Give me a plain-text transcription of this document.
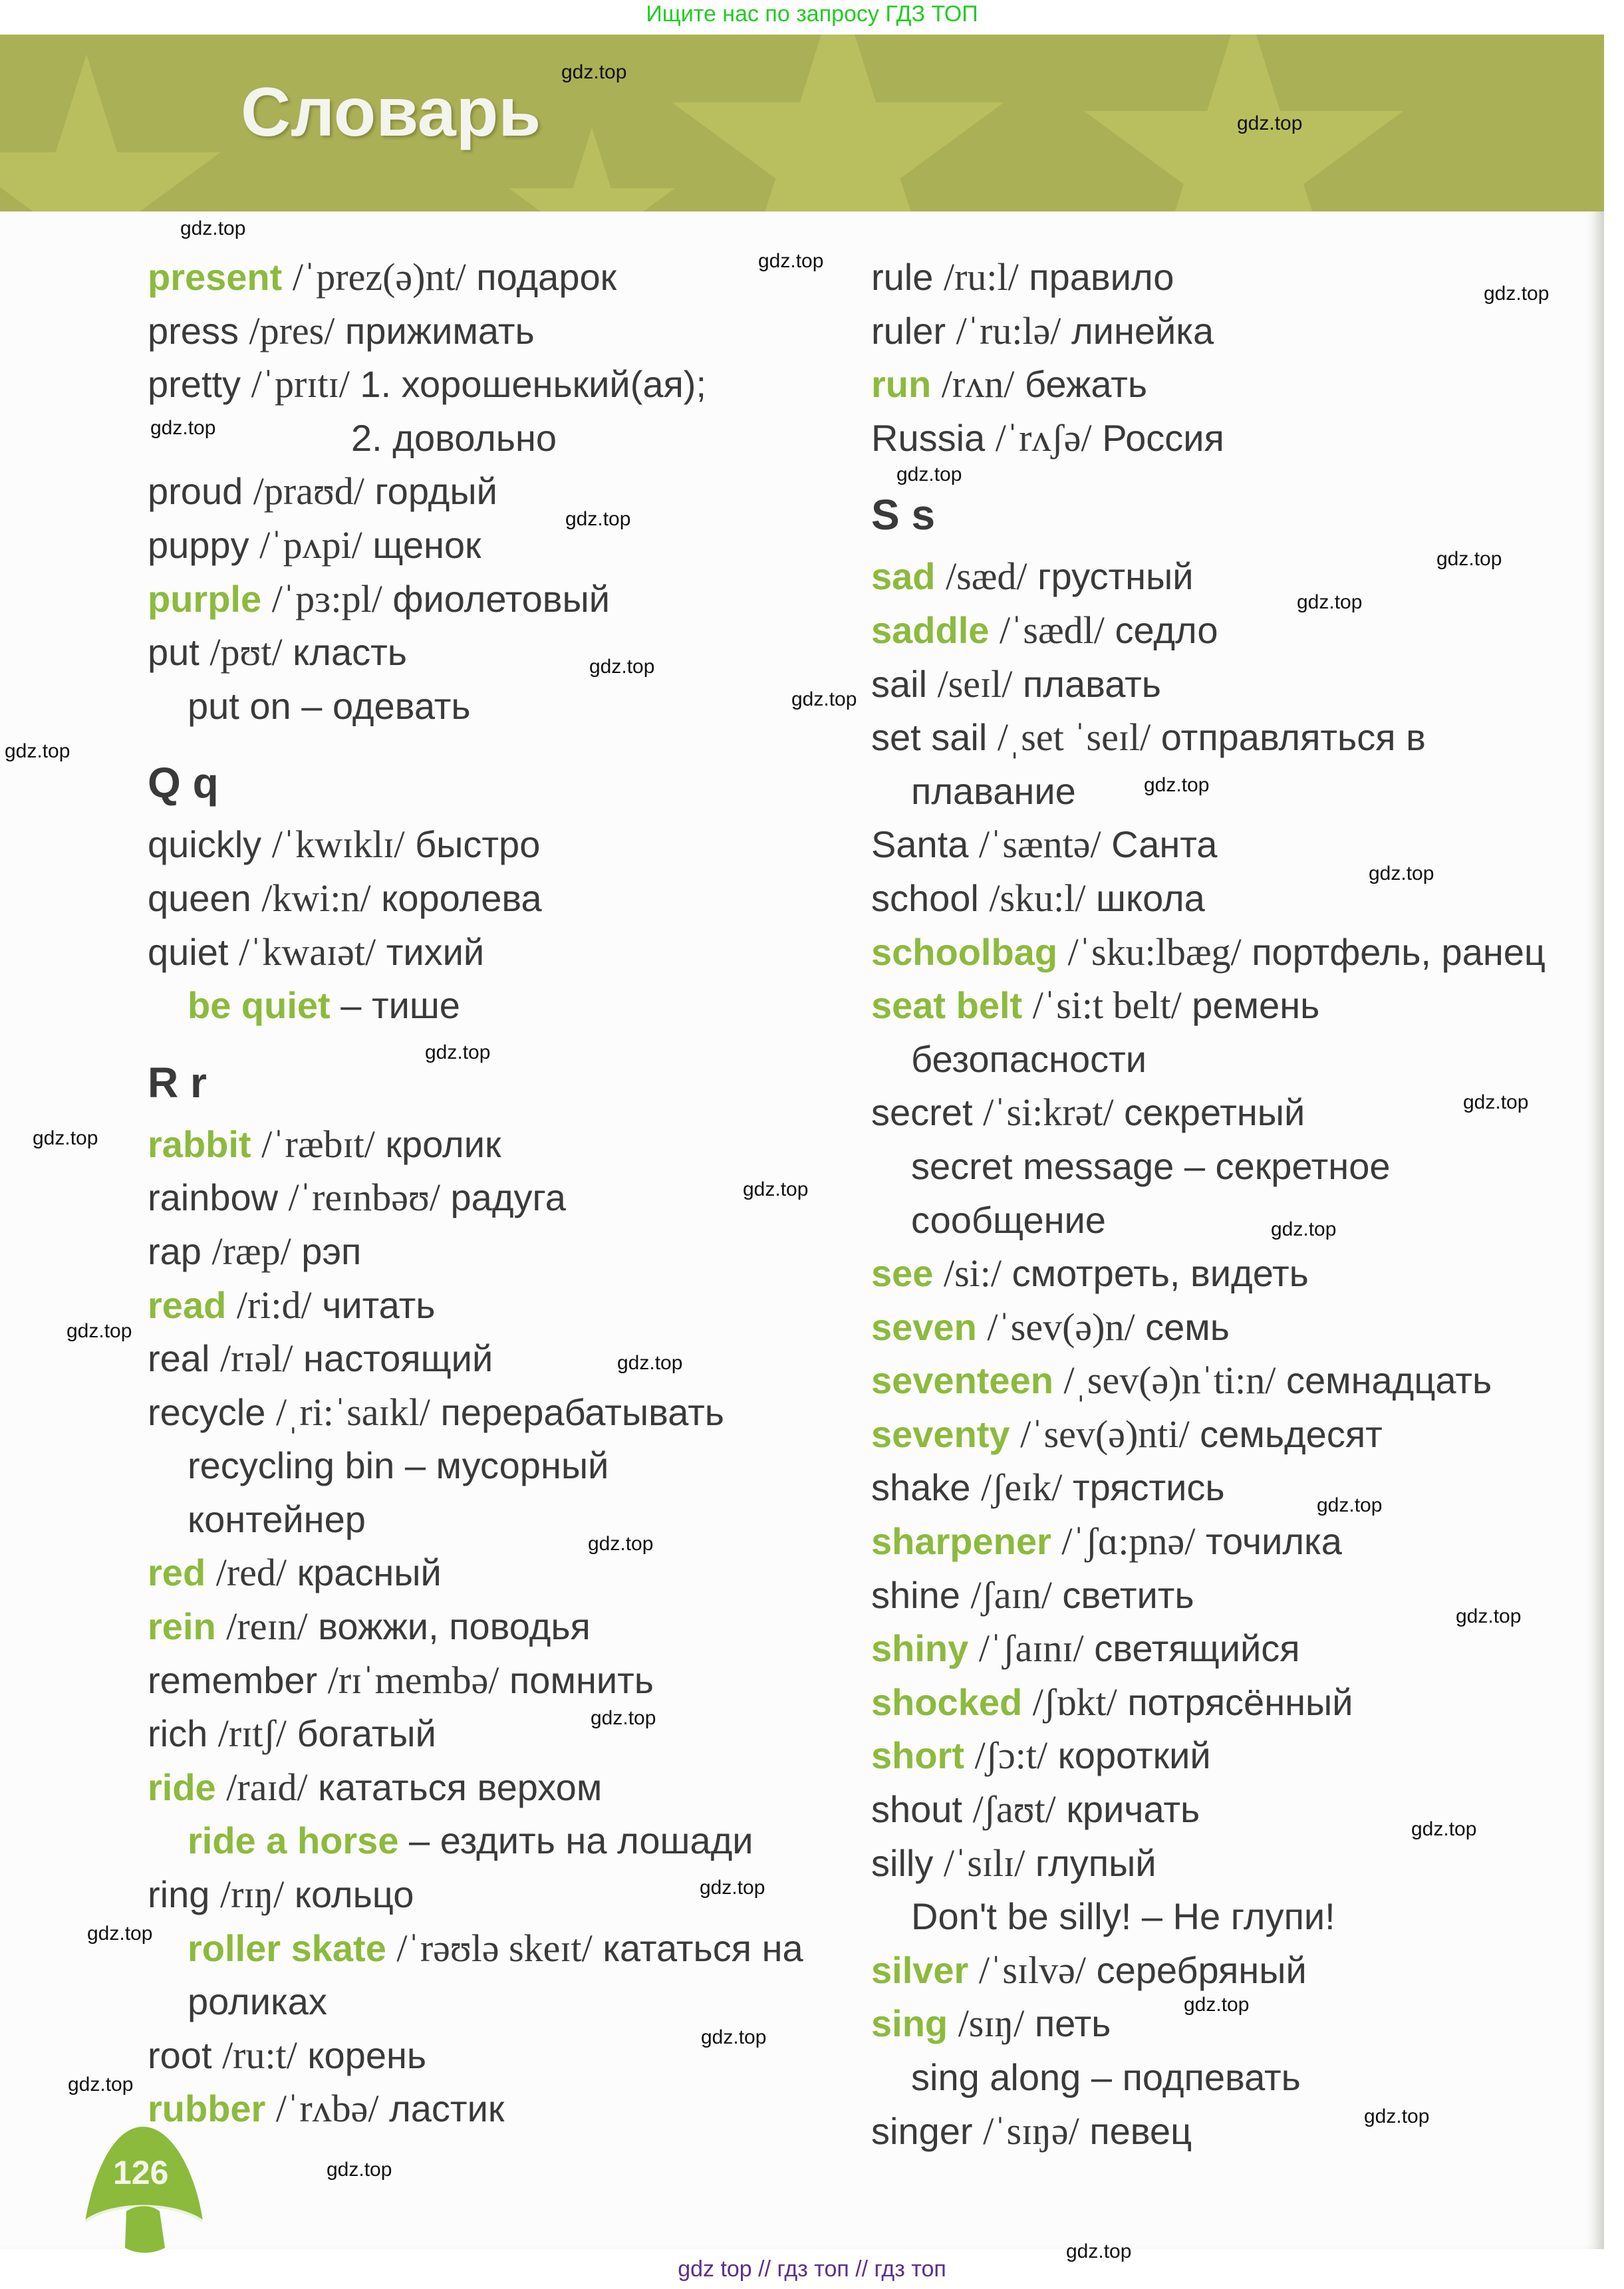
Ищите нас по запросу ГДЗ ТОП
Словарь
present /ˈprez(ə)nt/ подарок
press /pres/ прижимать
pretty /ˈprɪtɪ/ 1. хорошенький(ая);
2. довольно
proud /praʊd/ гордый
puppy /ˈpʌpi/ щенок
purple /ˈpɜ:pl/ фиолетовый
put /pʊt/ класть
put on – одевать
Q q
quickly /ˈkwɪklɪ/ быстро
queen /kwi:n/ королева
quiet /ˈkwaɪət/ тихий
be quiet – тише
R r
rabbit /ˈræbɪt/ кролик
rainbow /ˈreɪnbəʊ/ радуга
rap /ræp/ рэп
read /ri:d/ читать
real /rɪəl/ настоящий
recycle /ˌri:ˈsaɪkl/ перерабатывать
recycling bin – мусорный
контейнер
red /red/ красный
rein /reɪn/ вожжи, поводья
remember /rɪˈmembə/ помнить
rich /rɪtʃ/ богатый
ride /raɪd/ кататься верхом
ride a horse – ездить на лошади
ring /rɪŋ/ кольцо
roller skate /ˈrəʊlə skeɪt/ кататься на
роликах
root /ru:t/ корень
rubber /ˈrʌbə/ ластик
rule /ru:l/ правило
ruler /ˈru:lə/ линейка
run /rʌn/ бежать
Russia /ˈrʌʃə/ Россия
S s
sad /sæd/ грустный
saddle /ˈsædl/ седло
sail /seɪl/ плавать
set sail /ˌset ˈseɪl/ отправляться в
плавание
Santa /ˈsæntə/ Санта
school /sku:l/ школа
schoolbag /ˈsku:lbæg/ портфель, ранец
seat belt /ˈsi:t belt/ ремень
безопасности
secret /ˈsi:krət/ секретный
secret message – секретное
сообщение
see /si:/ смотреть, видеть
seven /ˈsev(ə)n/ семь
seventeen /ˌsev(ə)nˈti:n/ семнадцать
seventy /ˈsev(ə)nti/ семьдесят
shake /ʃeɪk/ трястись
sharpener /ˈʃɑ:pnə/ точилка
shine /ʃaɪn/ светить
shiny /ˈʃaɪnɪ/ светящийся
shocked /ʃɒkt/ потрясённый
short /ʃɔ:t/ короткий
shout /ʃaʊt/ кричать
silly /ˈsɪlɪ/ глупый
Don't be silly! – Не глупи!
silver /ˈsɪlvə/ серебряный
sing /sɪŋ/ петь
sing along – подпевать
singer /ˈsɪŋə/ певец
126
gdz.top
gdz.top
gdz.top
gdz.top
gdz.top
gdz.top
gdz.top
gdz.top
gdz.top
gdz.top
gdz.top
gdz.top
gdz.top
gdz.top
gdz.top
gdz.top
gdz.top
gdz.top
gdz.top
gdz.top
gdz.top
gdz.top
gdz.top
gdz.top
gdz.top
gdz.top
gdz.top
gdz.top
gdz.top
gdz.top
gdz.top
gdz.top
gdz.top
gdz.top
gdz.top
gdz top // гдз топ // гдз топ
